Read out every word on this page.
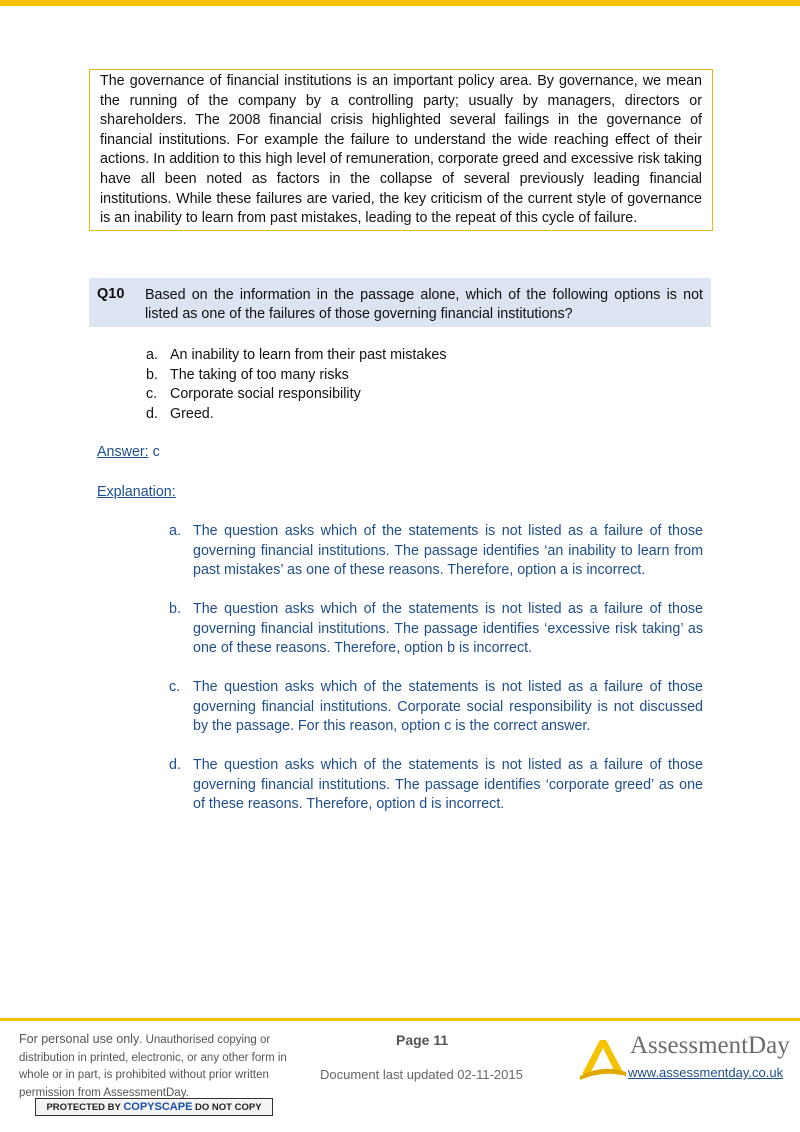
The governance of financial institutions is an important policy area. By governance, we mean the running of the company by a controlling party; usually by managers, directors or shareholders. The 2008 financial crisis highlighted several failings in the governance of financial institutions. For example the failure to understand the wide reaching effect of their actions. In addition to this high level of remuneration, corporate greed and excessive risk taking have all been noted as factors in the collapse of several previously leading financial institutions. While these failures are varied, the key criticism of the current style of governance is an inability to learn from past mistakes, leading to the repeat of this cycle of failure.
Q10 Based on the information in the passage alone, which of the following options is not listed as one of the failures of those governing financial institutions?
a. An inability to learn from their past mistakes
b. The taking of too many risks
c. Corporate social responsibility
d. Greed.
Answer: c
Explanation:
a. The question asks which of the statements is not listed as a failure of those governing financial institutions. The passage identifies ‘an inability to learn from past mistakes’ as one of these reasons. Therefore, option a is incorrect.
b. The question asks which of the statements is not listed as a failure of those governing financial institutions. The passage identifies ‘excessive risk taking’ as one of these reasons. Therefore, option b is incorrect.
c. The question asks which of the statements is not listed as a failure of those governing financial institutions. Corporate social responsibility is not discussed by the passage. For this reason, option c is the correct answer.
d. The question asks which of the statements is not listed as a failure of those governing financial institutions. The passage identifies ‘corporate greed’ as one of these reasons. Therefore, option d is incorrect.
For personal use only. Unauthorised copying or distribution in printed, electronic, or any other form in whole or in part, is prohibited without prior written permission from AssessmentDay.
PROTECTED BY COPYSCAPE DO NOT COPY
Page 11
Document last updated 02-11-2015
AssessmentDay
www.assessmentday.co.uk
